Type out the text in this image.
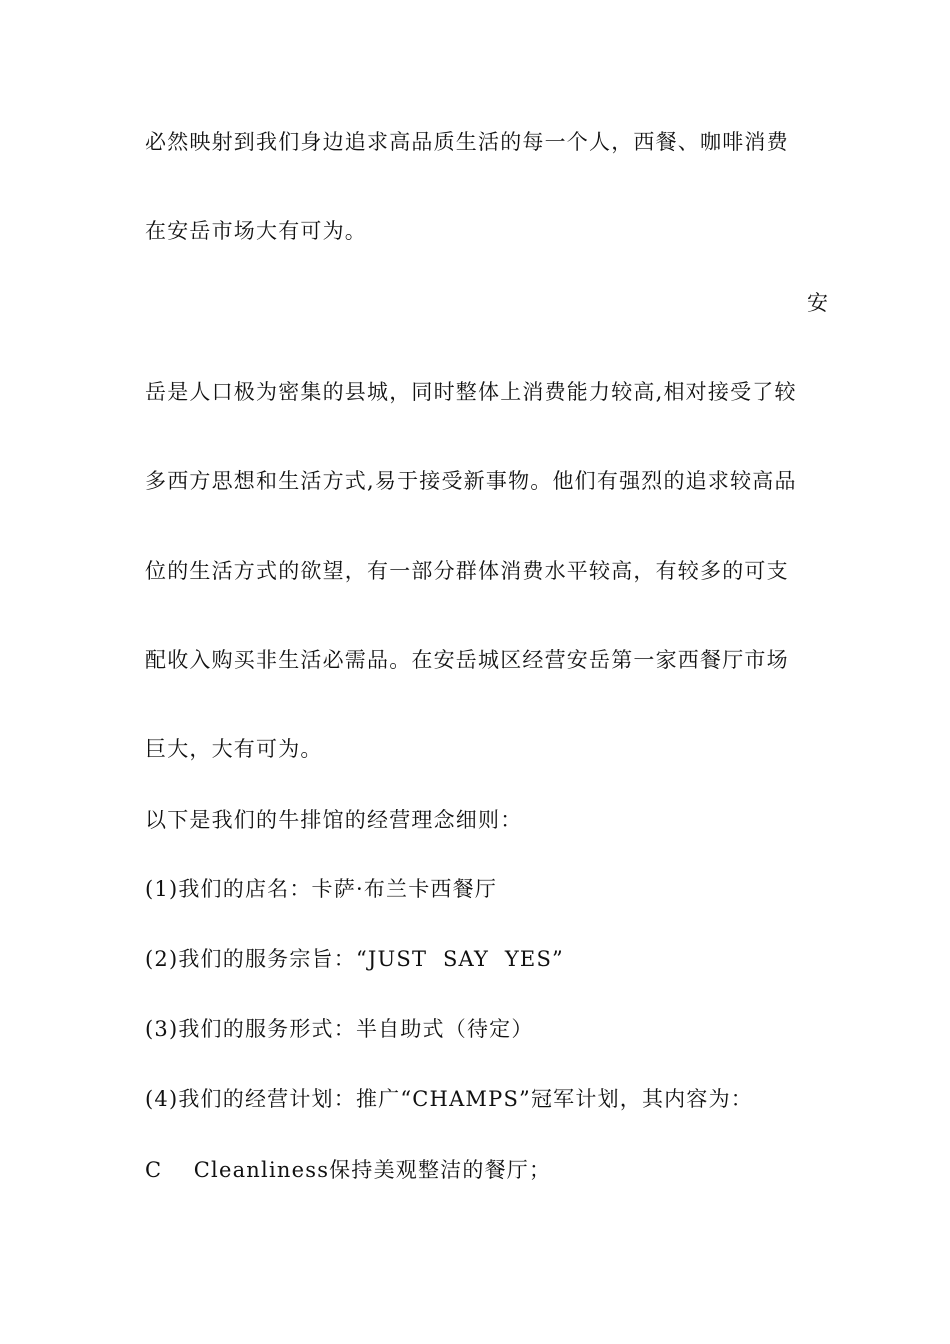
必然映射到我们身边追求高品质生活的每一个人，西餐、咖啡消费
在安岳市场大有可为。
安
岳是人口极为密集的县城，同时整体上消费能力较高,相对接受了较
多西方思想和生活方式,易于接受新事物。他们有强烈的追求较高品
位的生活方式的欲望，有一部分群体消费水平较高，有较多的可支
配收入购买非生活必需品。在安岳城区经营安岳第一家西餐厅市场
巨大，大有可为。
以下是我们的牛排馆的经营理念细则：
(1)我们的店名：卡萨·布兰卡西餐厅
(2)我们的服务宗旨：“JUST  SAY  YES”
(3)我们的服务形式：半自助式（待定）
(4)我们的经营计划：推广“CHAMPS”冠军计划，其内容为：
C    Cleanliness保持美观整洁的餐厅；
